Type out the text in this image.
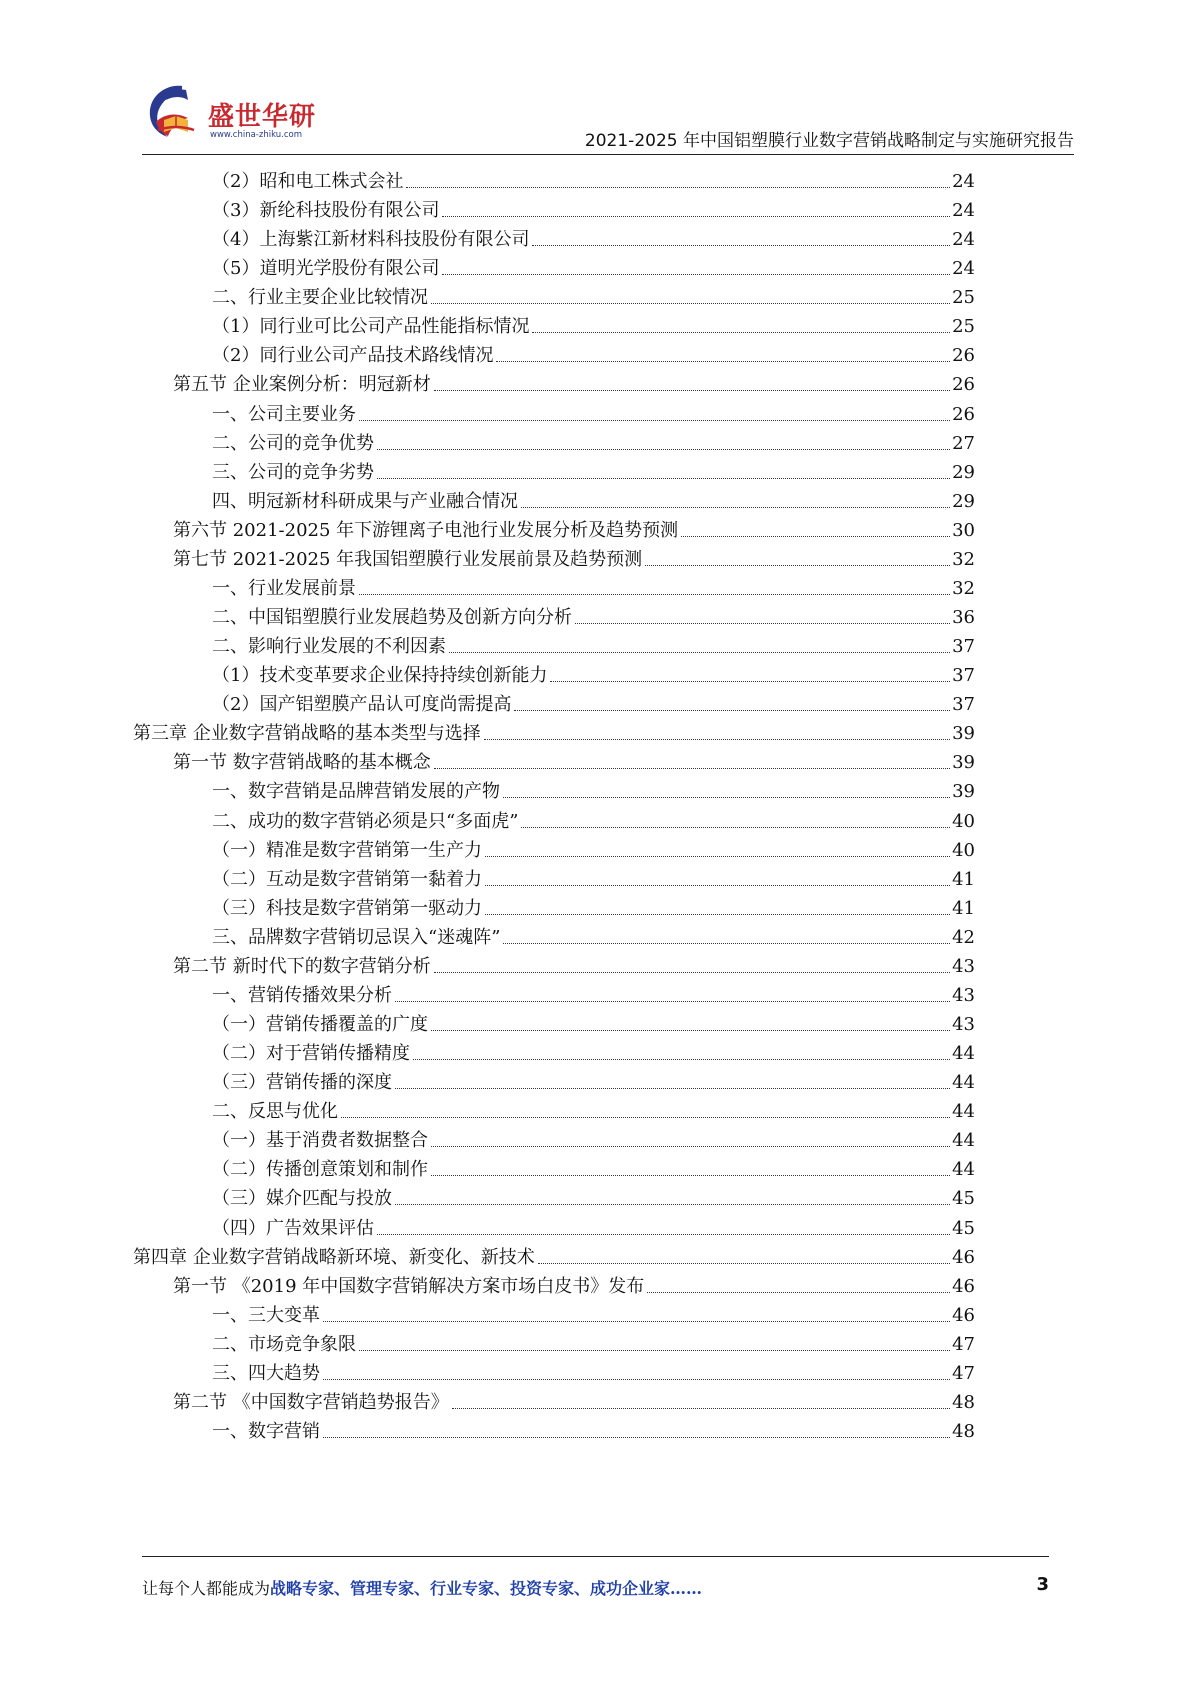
盛世华研
www.china-zhiku.com	2021-2025 年中国铝塑膜行业数字营销战略制定与实施研究报告
（2）昭和电工株式会社	24
（3）新纶科技股份有限公司	24
（4）上海紫江新材料科技股份有限公司	24
（5）道明光学股份有限公司	24
二、行业主要企业比较情况	25
（1）同行业可比公司产品性能指标情况	25
（2）同行业公司产品技术路线情况	26
第五节 企业案例分析：明冠新材	26
一、公司主要业务	26
二、公司的竞争优势	27
三、公司的竞争劣势	29
四、明冠新材科研成果与产业融合情况	29
第六节 2021-2025 年下游锂离子电池行业发展分析及趋势预测	30
第七节 2021-2025 年我国铝塑膜行业发展前景及趋势预测	32
一、行业发展前景	32
二、中国铝塑膜行业发展趋势及创新方向分析	36
二、影响行业发展的不利因素	37
（1）技术变革要求企业保持持续创新能力	37
（2）国产铝塑膜产品认可度尚需提高	37
第三章 企业数字营销战略的基本类型与选择	39
第一节 数字营销战略的基本概念	39
一、数字营销是品牌营销发展的产物	39
二、成功的数字营销必须是只“多面虎”	40
（一）精准是数字营销第一生产力	40
（二）互动是数字营销第一黏着力	41
（三）科技是数字营销第一驱动力	41
三、品牌数字营销切忌误入“迷魂阵”	42
第二节 新时代下的数字营销分析	43
一、营销传播效果分析	43
（一）营销传播覆盖的广度	43
（二）对于营销传播精度	44
（三）营销传播的深度	44
二、反思与优化	44
（一）基于消费者数据整合	44
（二）传播创意策划和制作	44
（三）媒介匹配与投放	45
（四）广告效果评估	45
第四章 企业数字营销战略新环境、新变化、新技术	46
第一节 《2019 年中国数字营销解决方案市场白皮书》发布	46
一、三大变革	46
二、市场竞争象限	47
三、四大趋势	47
第二节 《中国数字营销趋势报告》	48
一、数字营销	48
让每个人都能成为战略专家、管理专家、行业专家、投资专家、成功企业家……	3
